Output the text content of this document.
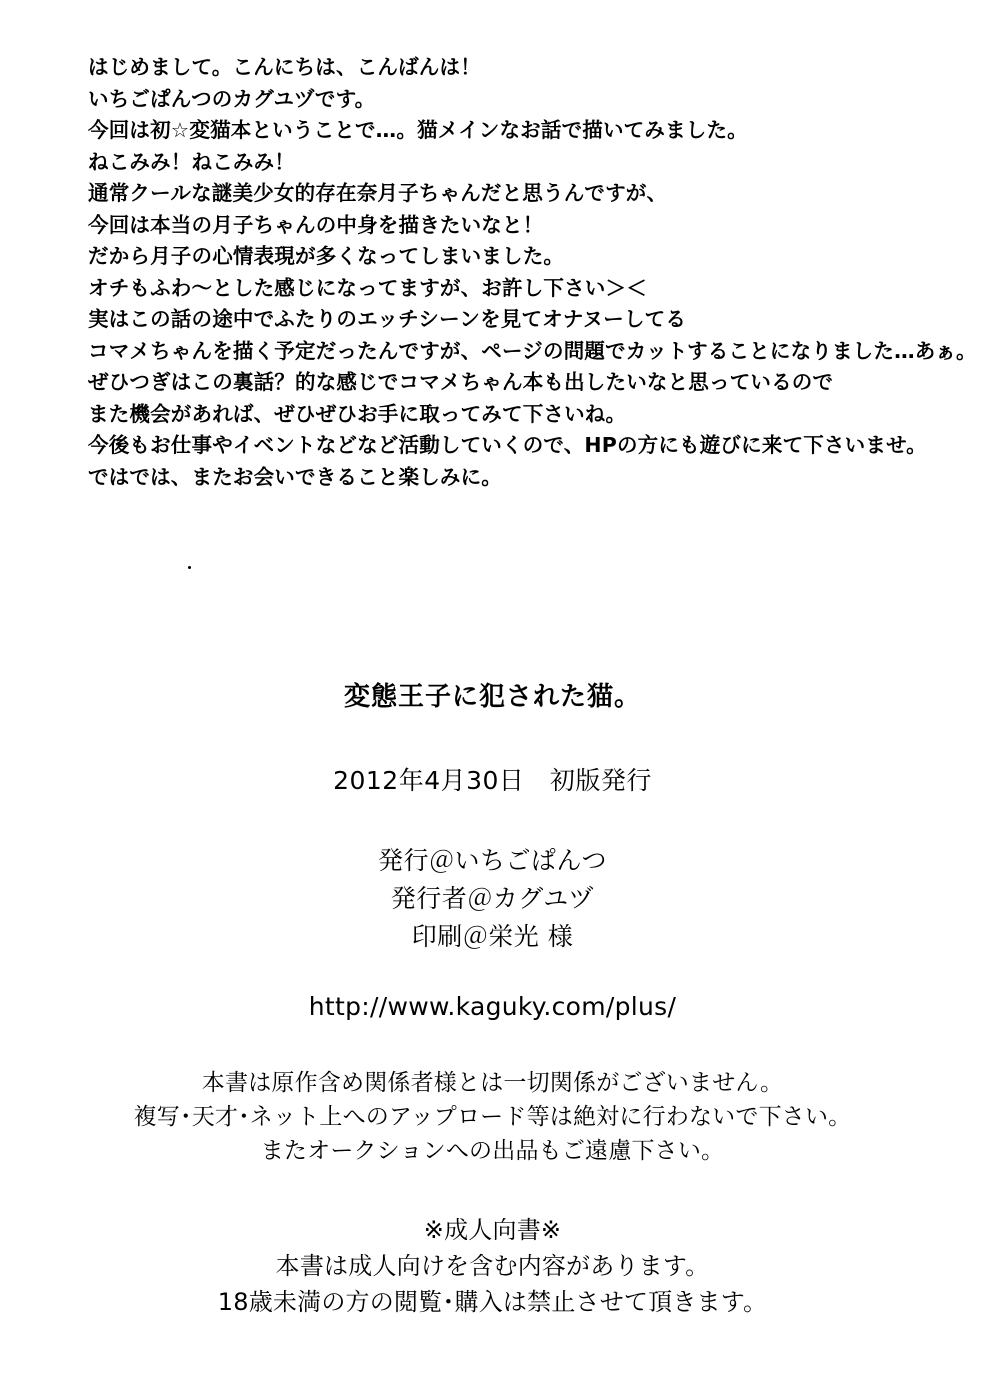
はじめまして。こんにちは、こんばんは！
いちごぱんつのカグユヅです。
今回は初☆変猫本ということで…。猫メインなお話で描いてみました。
ねこみみ！ねこみみ！
通常クールな謎美少女的存在奈月子ちゃんだと思うんですが、
今回は本当の月子ちゃんの中身を描きたいなと！
だから月子の心情表現が多くなってしまいました。
オチもふわ～とした感じになってますが、お許し下さい＞＜
実はこの話の途中でふたりのエッチシーンを見てオナヌーしてる
コマメちゃんを描く予定だったんですが、ページの問題でカットすることになりました…あぁ。
ぜひつぎはこの裏話？的な感じでコマメちゃん本も出したいなと思っているので
また機会があれば、ぜひぜひお手に取ってみて下さいね。
今後もお仕事やイベントなどなど活動していくので、HPの方にも遊びに来て下さいませ。
ではでは、またお会いできること楽しみに。
変態王子に犯された猫。
2012年4月30日　初版発行
発行＠いちごぱんつ
発行者＠カグユヅ
印刷＠栄光 様
http://www.kaguky.com/plus/
本書は原作含め関係者様とは一切関係がございません。
複写･天才･ネット上へのアップロード等は絶対に行わないで下さい。
またオークションへの出品もご遠慮下さい。
※成人向書※
本書は成人向けを含む内容があります。
18歳未満の方の閲覧･購入は禁止させて頂きます。
